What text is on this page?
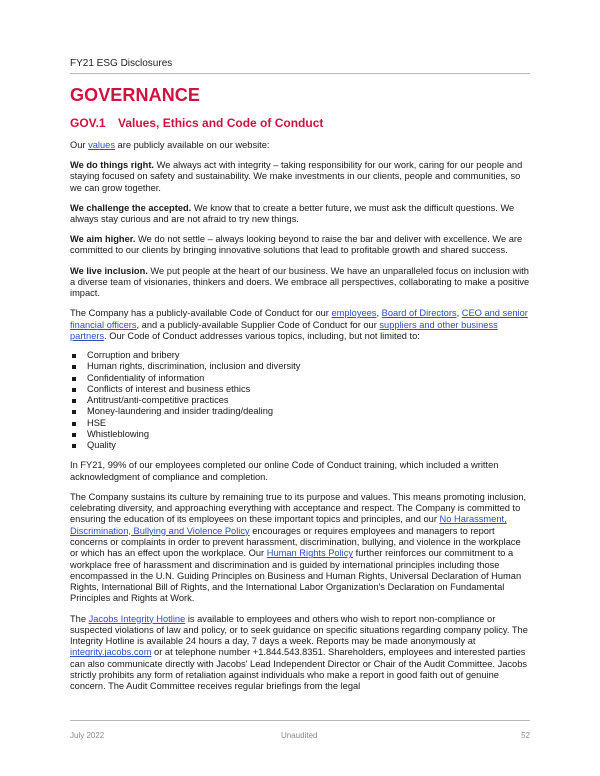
FY21 ESG Disclosures
GOVERNANCE
GOV.1 Values, Ethics and Code of Conduct

Our values are publicly available on our website:

We do things right. We always act with integrity – taking responsibility for our work, caring for our people and staying focused on safety and sustainability. We make investments in our clients, people and communities, so we can grow together.

We challenge the accepted. We know that to create a better future, we must ask the difficult questions. We always stay curious and are not afraid to try new things.

We aim higher. We do not settle – always looking beyond to raise the bar and deliver with excellence. We are committed to our clients by bringing innovative solutions that lead to profitable growth and shared success.

We live inclusion. We put people at the heart of our business. We have an unparalleled focus on inclusion with a diverse team of visionaries, thinkers and doers. We embrace all perspectives, collaborating to make a positive impact.

The Company has a publicly-available Code of Conduct for our employees, Board of Directors, CEO and senior financial officers, and a publicly-available Supplier Code of Conduct for our suppliers and other business partners. Our Code of Conduct addresses various topics, including, but not limited to:

Corruption and bribery
Human rights, discrimination, inclusion and diversity
Confidentiality of information
Conflicts of interest and business ethics
Antitrust/anti-competitive practices
Money-laundering and insider trading/dealing
HSE
Whistleblowing
Quality

In FY21, 99% of our employees completed our online Code of Conduct training, which included a written acknowledgment of compliance and completion.

The Company sustains its culture by remaining true to its purpose and values. This means promoting inclusion, celebrating diversity, and approaching everything with acceptance and respect. The Company is committed to ensuring the education of its employees on these important topics and principles, and our No Harassment, Discrimination, Bullying and Violence Policy encourages or requires employees and managers to report concerns or complaints in order to prevent harassment, discrimination, bullying, and violence in the workplace or which has an effect upon the workplace. Our Human Rights Policy further reinforces our commitment to a workplace free of harassment and discrimination and is guided by international principles including those encompassed in the U.N. Guiding Principles on Business and Human Rights, Universal Declaration of Human Rights, International Bill of Rights, and the International Labor Organization's Declaration on Fundamental Principles and Rights at Work.

The Jacobs Integrity Hotline is available to employees and others who wish to report non-compliance or suspected violations of law and policy, or to seek guidance on specific situations regarding company policy. The Integrity Hotline is available 24 hours a day, 7 days a week. Reports may be made anonymously at integrity.jacobs.com or at telephone number +1.844.543.8351. Shareholders, employees and interested parties can also communicate directly with Jacobs' Lead Independent Director or Chair of the Audit Committee. Jacobs strictly prohibits any form of retaliation against individuals who make a report in good faith out of genuine concern. The Audit Committee receives regular briefings from the legal

July 2022	Unaudited	52
